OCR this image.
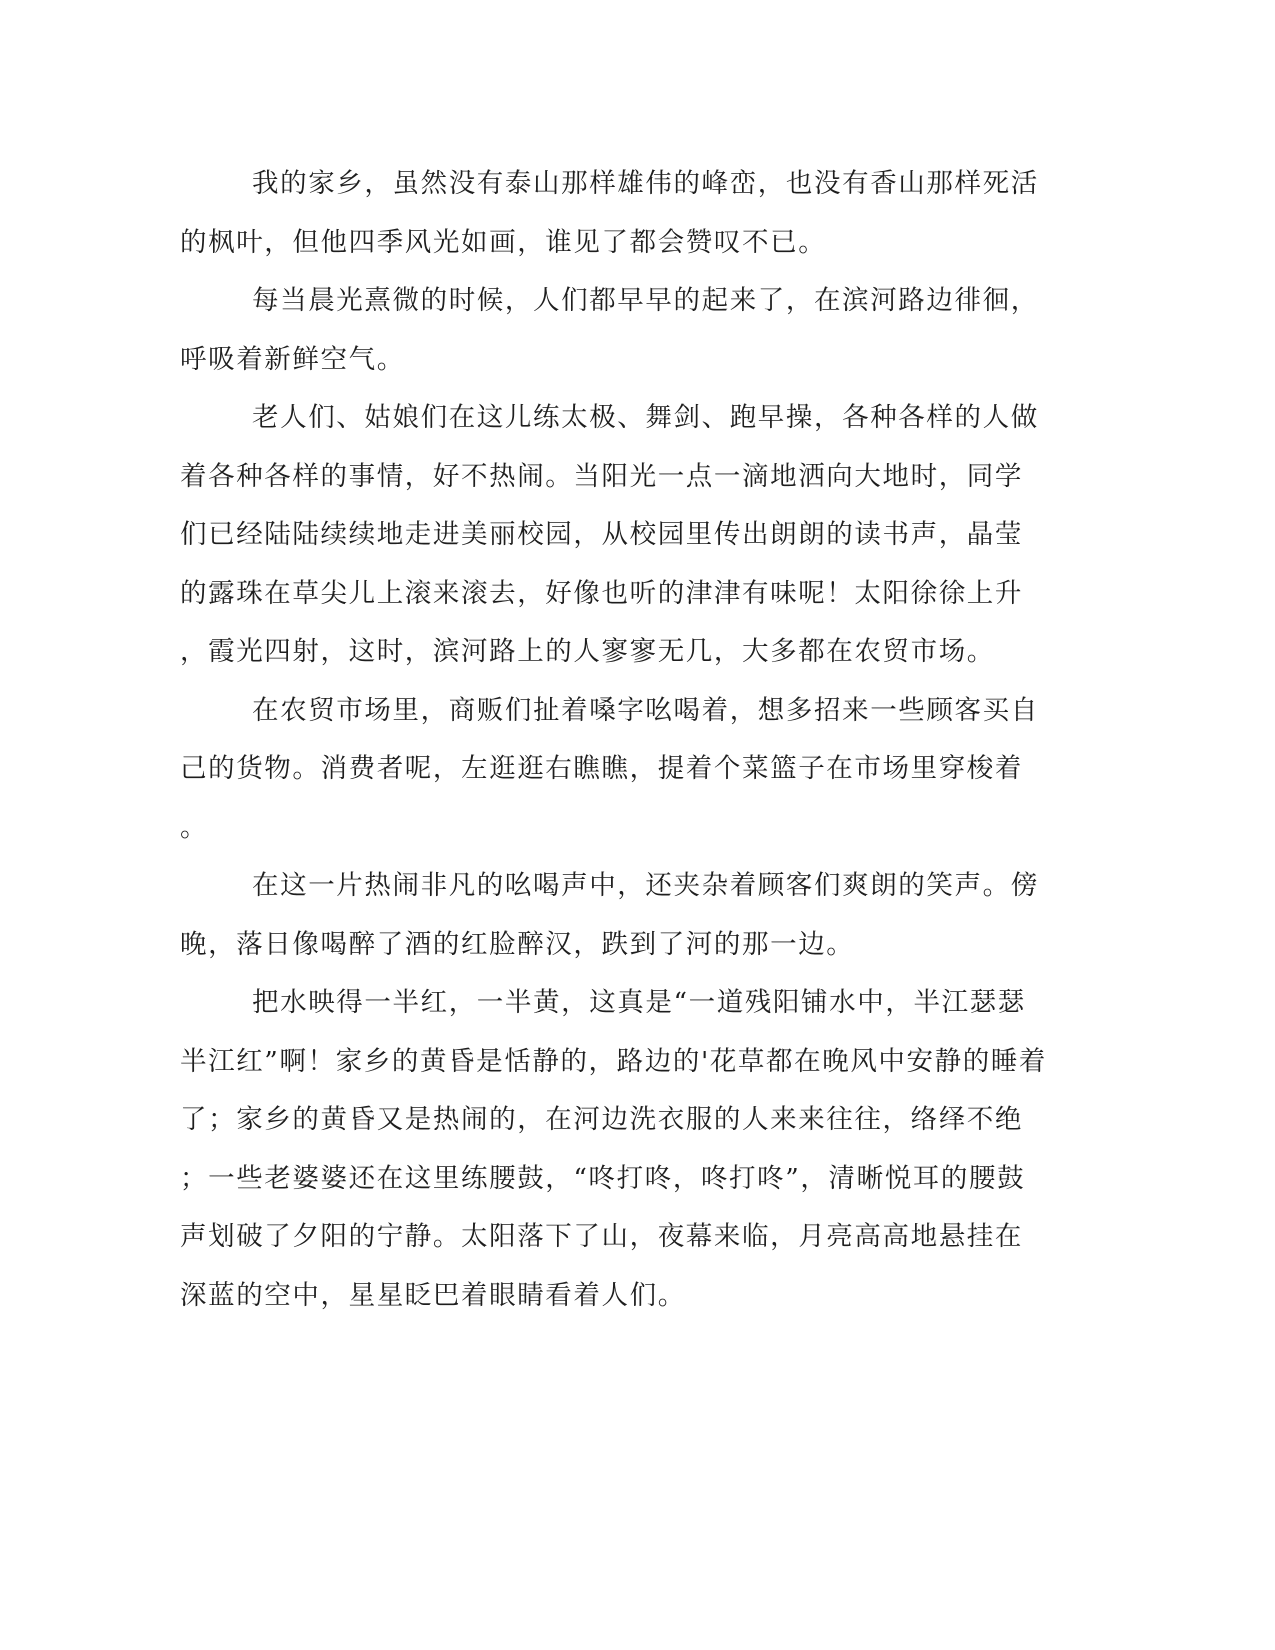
我的家乡，虽然没有泰山那样雄伟的峰峦，也没有香山那样死活
的枫叶，但他四季风光如画，谁见了都会赞叹不已。
每当晨光熹微的时候，人们都早早的起来了，在滨河路边徘徊，
呼吸着新鲜空气。
老人们、姑娘们在这儿练太极、舞剑、跑早操，各种各样的人做
着各种各样的事情，好不热闹。当阳光一点一滴地洒向大地时，同学
们已经陆陆续续地走进美丽校园，从校园里传出朗朗的读书声，晶莹
的露珠在草尖儿上滚来滚去，好像也听的津津有味呢！太阳徐徐上升
，霞光四射，这时，滨河路上的人寥寥无几，大多都在农贸市场。
在农贸市场里，商贩们扯着嗓字吆喝着，想多招来一些顾客买自
己的货物。消费者呢，左逛逛右瞧瞧，提着个菜篮子在市场里穿梭着
。
在这一片热闹非凡的吆喝声中，还夹杂着顾客们爽朗的笑声。傍
晚，落日像喝醉了酒的红脸醉汉，跌到了河的那一边。
把水映得一半红，一半黄，这真是“一道残阳铺水中，半江瑟瑟
半江红”啊！家乡的黄昏是恬静的，路边的'花草都在晚风中安静的睡着
了；家乡的黄昏又是热闹的，在河边洗衣服的人来来往往，络绎不绝
；一些老婆婆还在这里练腰鼓，“咚打咚，咚打咚”，清晰悦耳的腰鼓
声划破了夕阳的宁静。太阳落下了山，夜幕来临，月亮高高地悬挂在
深蓝的空中，星星眨巴着眼睛看着人们。
